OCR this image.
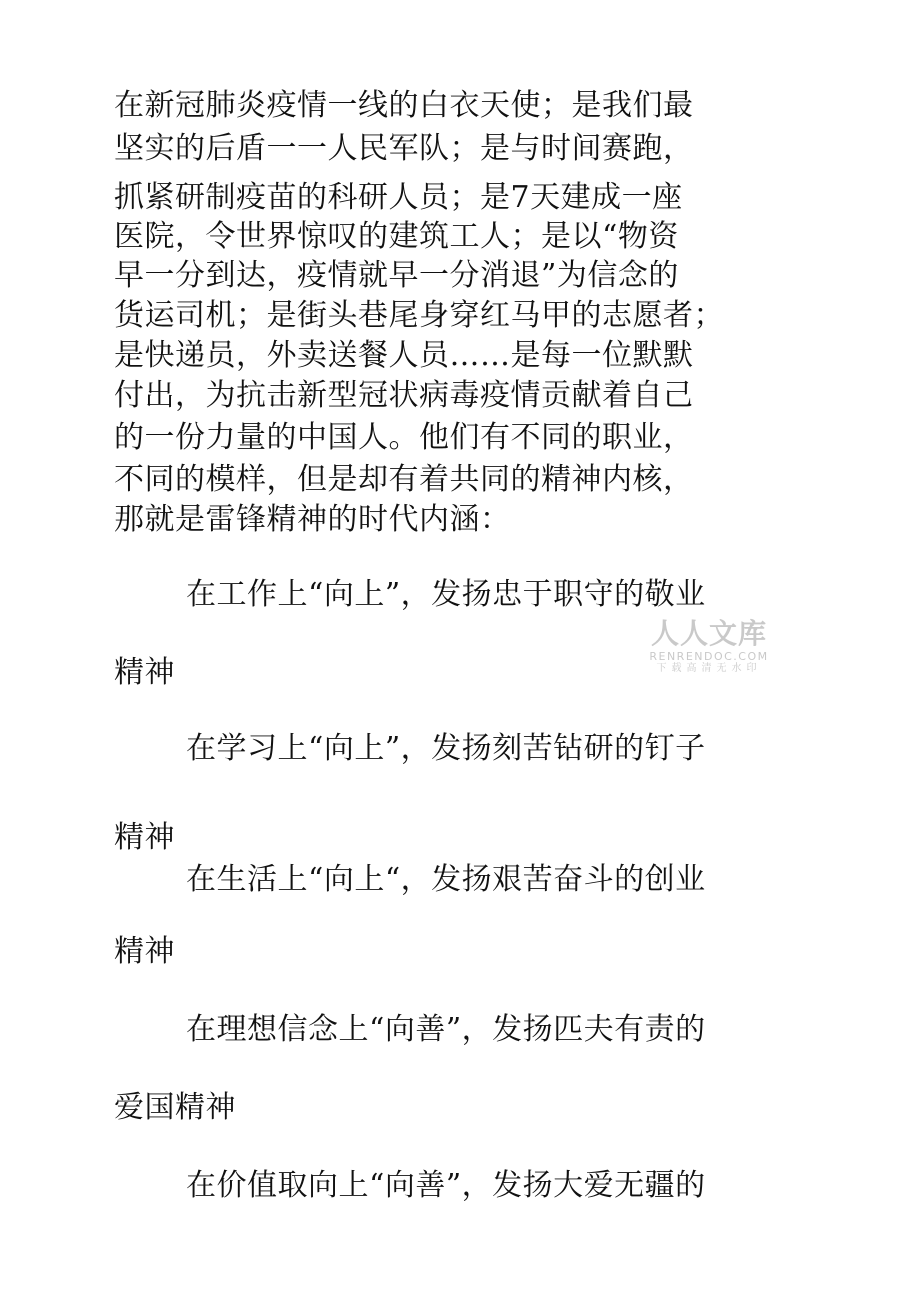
在新冠肺炎疫情一线的白衣天使；是我们最
坚实的后盾一一人民军队；是与时间赛跑，
抓紧研制疫苗的科研人员；是7天建成一座
医院，令世界惊叹的建筑工人；是以“物资
早一分到达，疫情就早一分消退”为信念的
货运司机；是街头巷尾身穿红马甲的志愿者；
是快递员，外卖送餐人员……是每一位默默
付出，为抗击新型冠状病毒疫情贡献着自己
的一份力量的中国人。他们有不同的职业，
不同的模样，但是却有着共同的精神内核，
那就是雷锋精神的时代内涵：
在工作上“向上”，发扬忠于职守的敬业
精神
在学习上“向上”，发扬刻苦钻研的钉子
精神
在生活上“向上“，发扬艰苦奋斗的创业
精神
在理想信念上“向善”，发扬匹夫有责的
爱国精神
在价值取向上“向善”，发扬大爱无疆的
人人文库
RENRENDOC.COM
下载高清无水印
